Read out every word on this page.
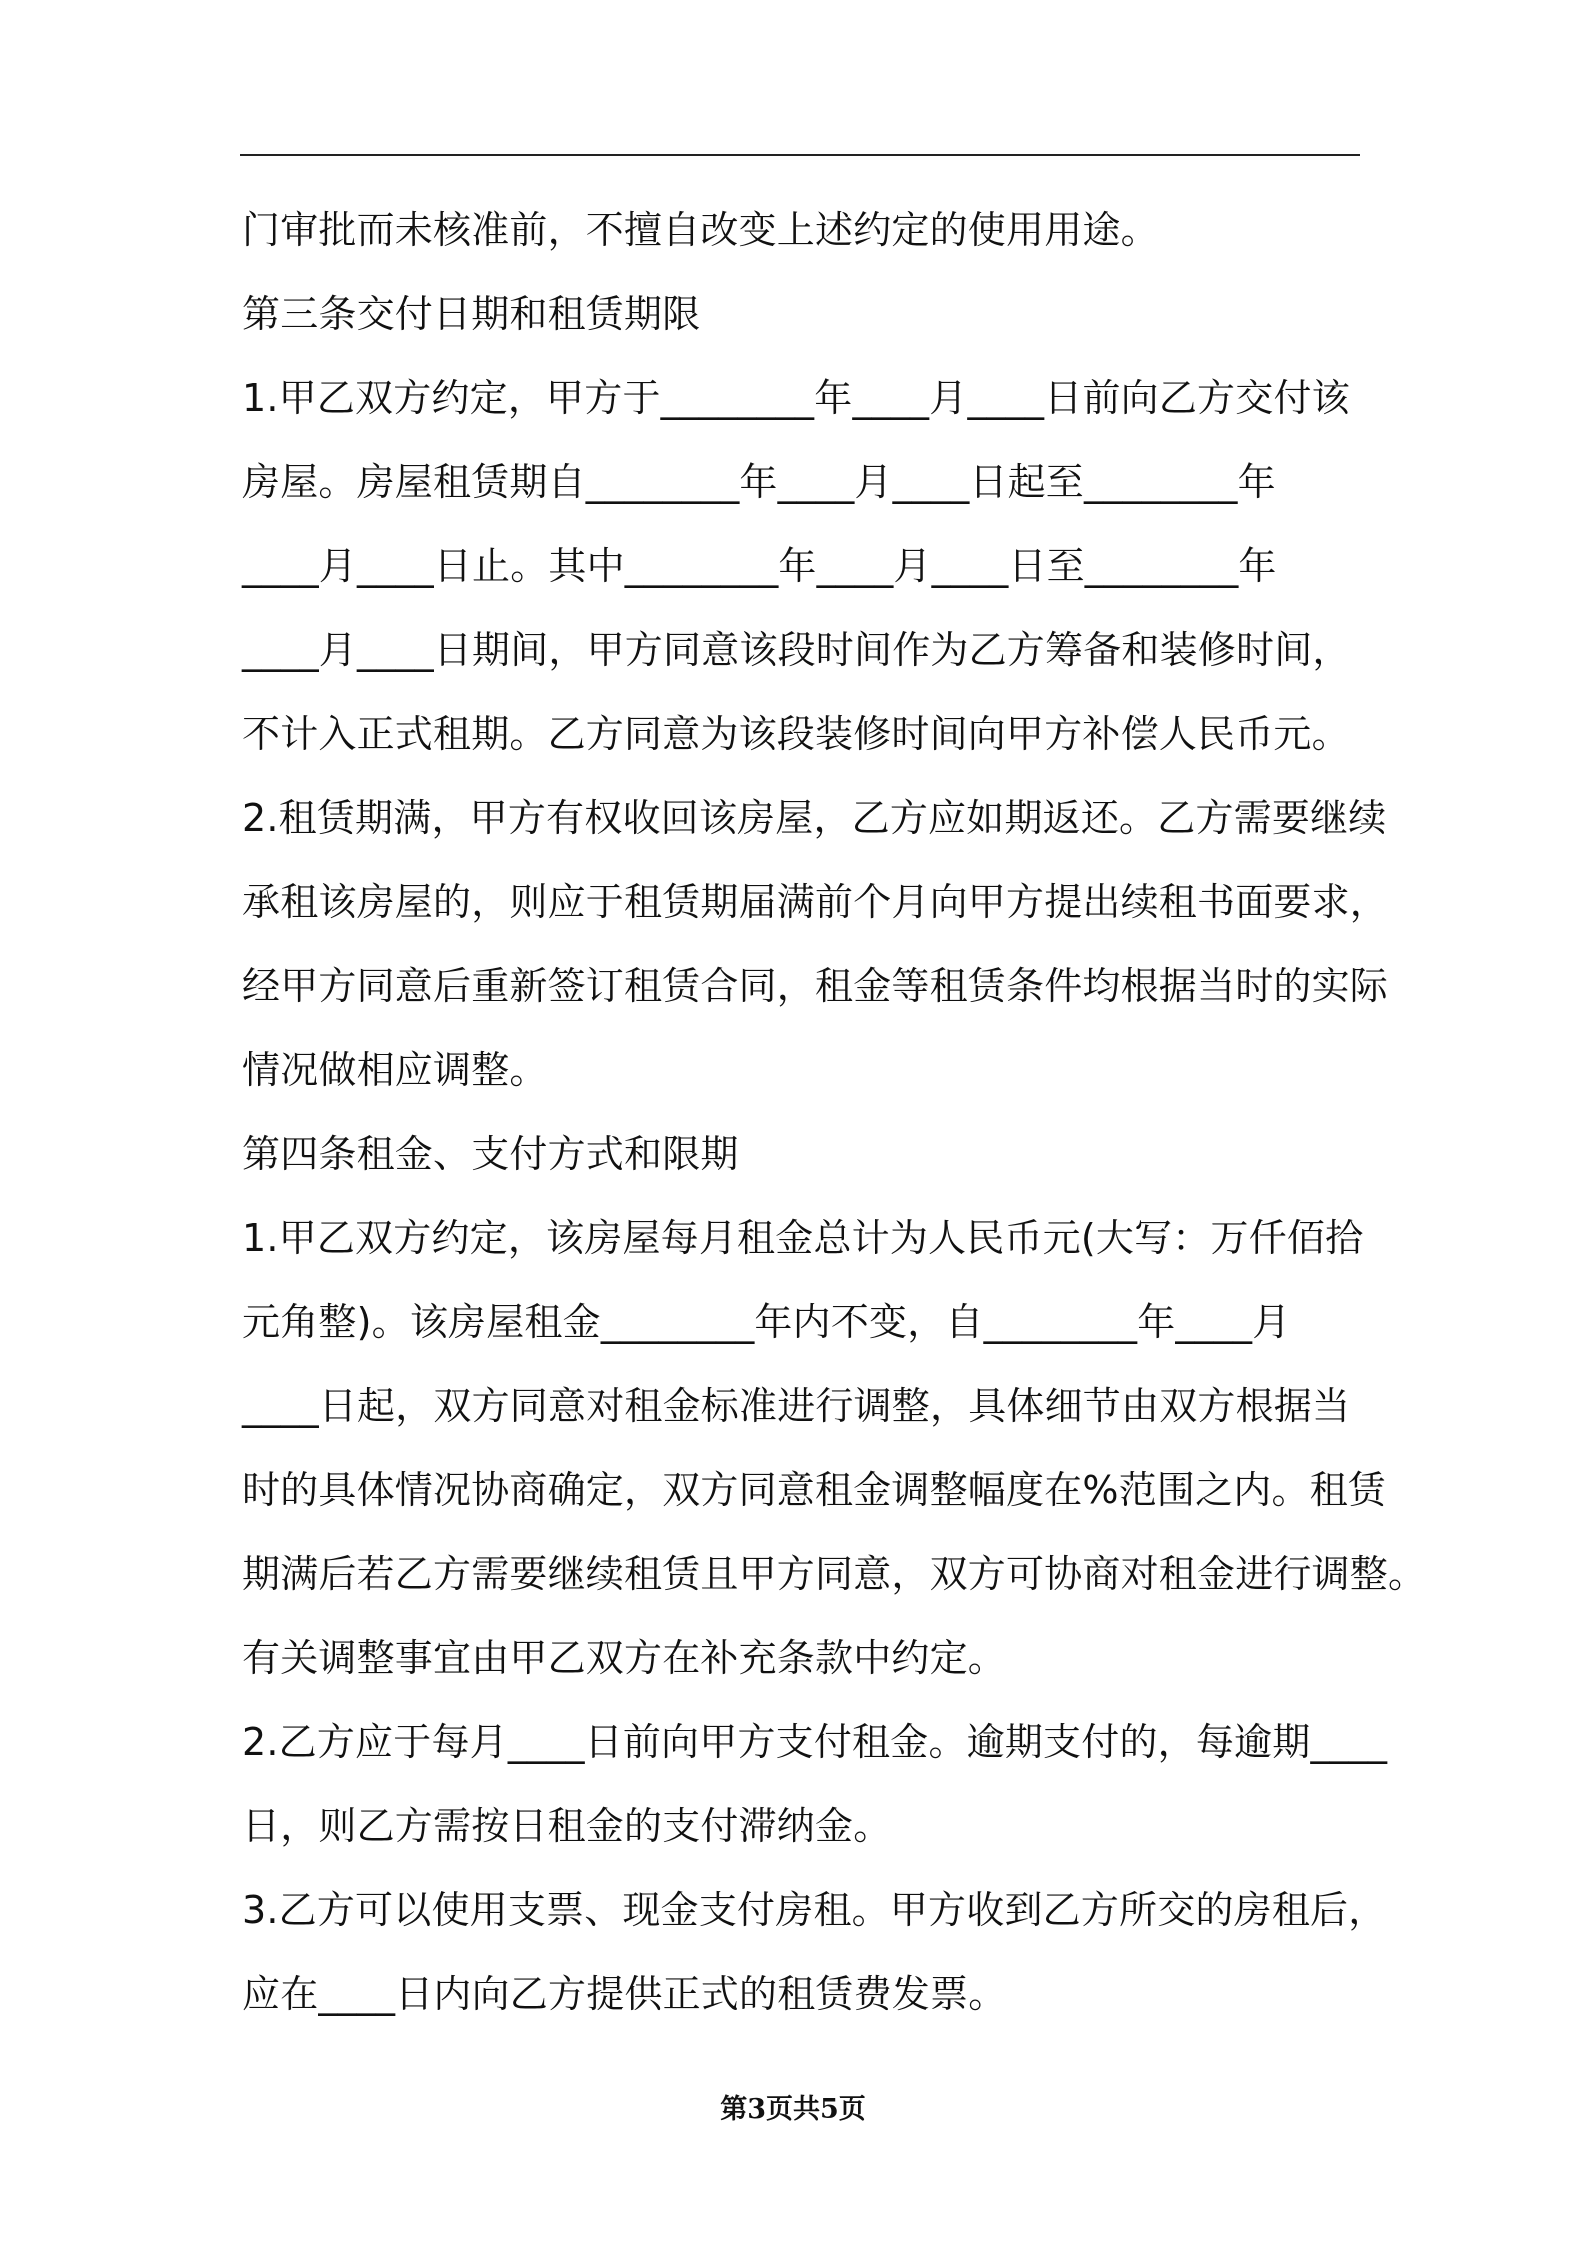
门审批而未核准前，不擅自改变上述约定的使用用途。
第三条交付日期和租赁期限
1.甲乙双方约定，甲方于________年____月____日前向乙方交付该
房屋。房屋租赁期自________年____月____日起至________年
____月____日止。其中________年____月____日至________年
____月____日期间，甲方同意该段时间作为乙方筹备和装修时间，
不计入正式租期。乙方同意为该段装修时间向甲方补偿人民币元。
2.租赁期满，甲方有权收回该房屋，乙方应如期返还。乙方需要继续
承租该房屋的，则应于租赁期届满前个月向甲方提出续租书面要求，
经甲方同意后重新签订租赁合同，租金等租赁条件均根据当时的实际
情况做相应调整。
第四条租金、支付方式和限期
1.甲乙双方约定，该房屋每月租金总计为人民币元(大写：万仟佰拾
元角整)。该房屋租金________年内不变，自________年____月
____日起，双方同意对租金标准进行调整，具体细节由双方根据当
时的具体情况协商确定，双方同意租金调整幅度在%范围之内。租赁
期满后若乙方需要继续租赁且甲方同意，双方可协商对租金进行调整。
有关调整事宜由甲乙双方在补充条款中约定。
2.乙方应于每月____日前向甲方支付租金。逾期支付的，每逾期____
日，则乙方需按日租金的支付滞纳金。
3.乙方可以使用支票、现金支付房租。甲方收到乙方所交的房租后，
应在____日内向乙方提供正式的租赁费发票。
第3页共5页
